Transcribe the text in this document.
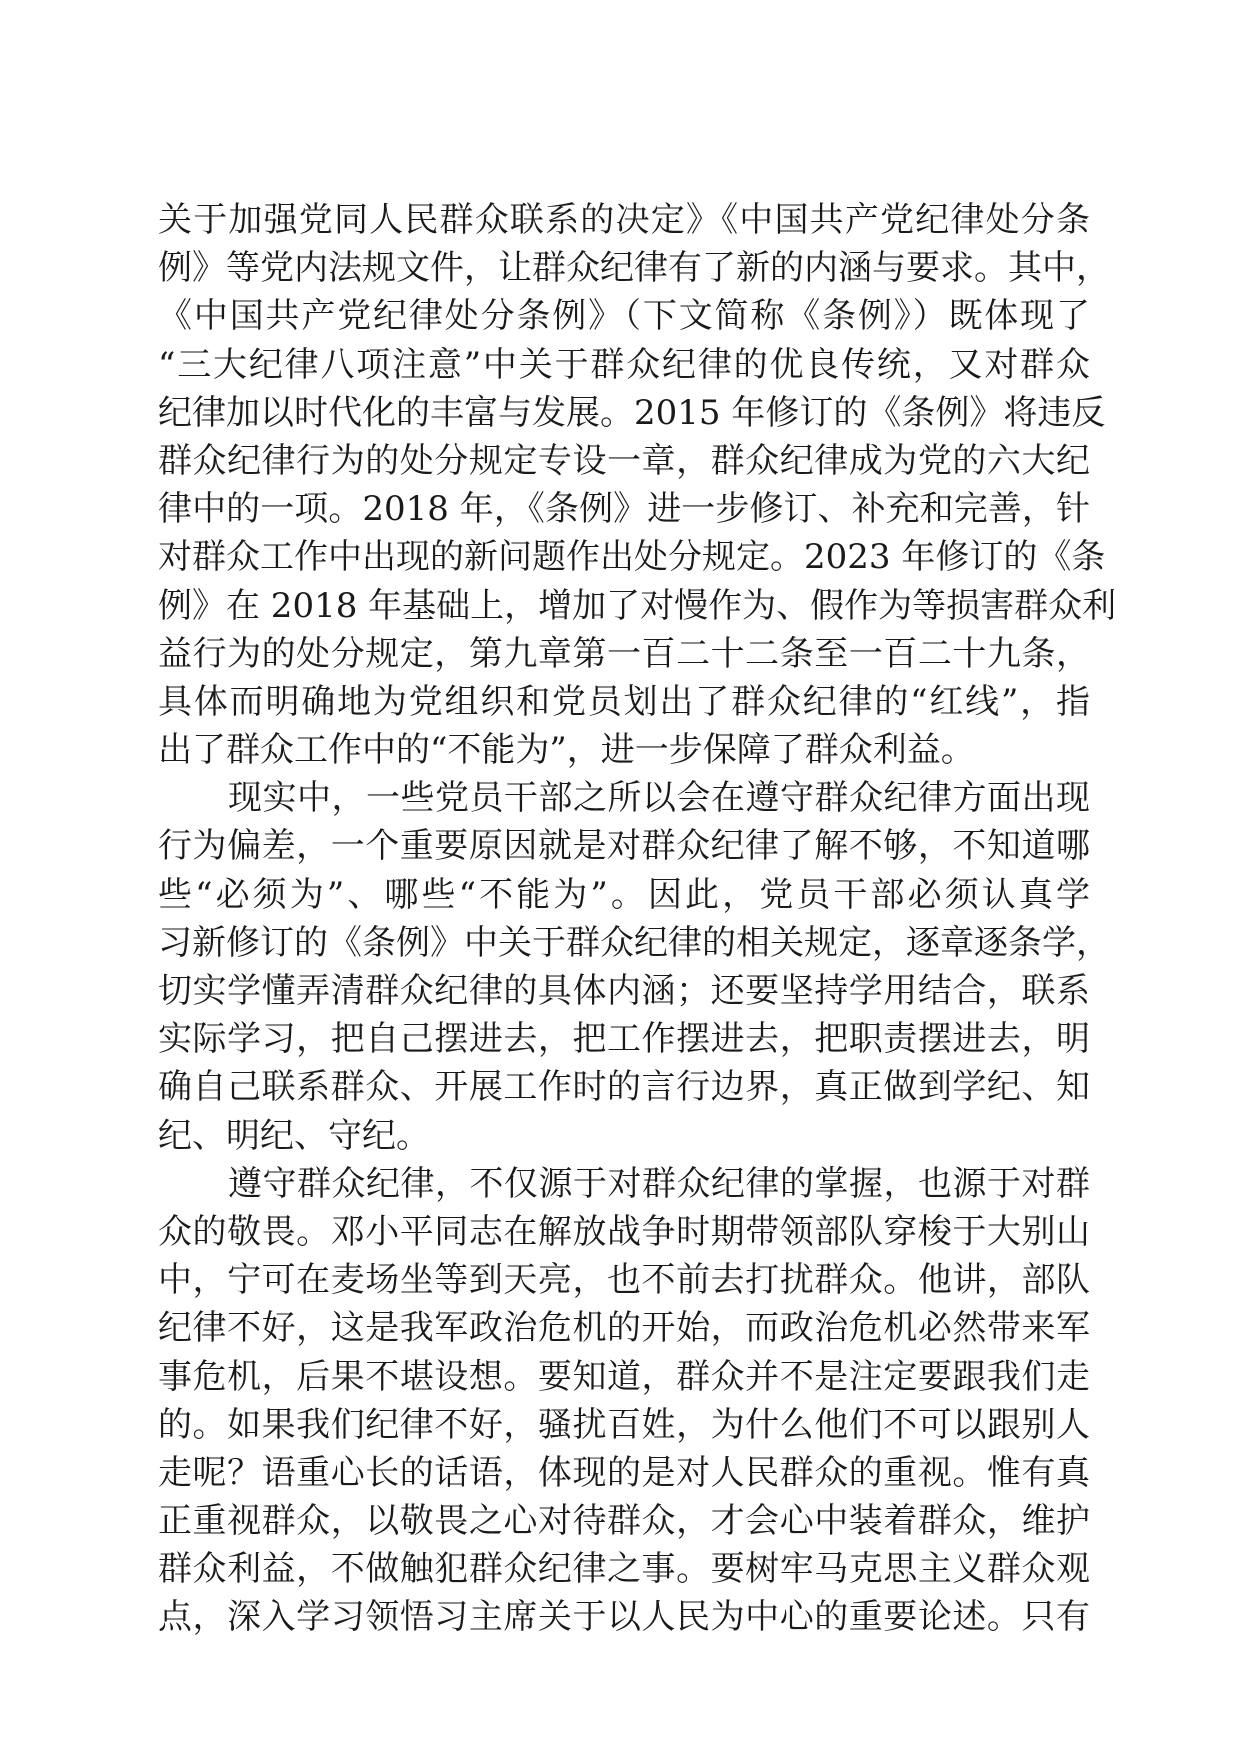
关于加强党同人民群众联系的决定》《中国共产党纪律处分条
例》等党内法规文件，让群众纪律有了新的内涵与要求。其中，
《中国共产党纪律处分条例》（下文简称《条例》）既体现了
“三大纪律八项注意”中关于群众纪律的优良传统，又对群众
纪律加以时代化的丰富与发展。2015 年修订的《条例》将违反
群众纪律行为的处分规定专设一章，群众纪律成为党的六大纪
律中的一项。2018 年，《条例》进一步修订、补充和完善，针
对群众工作中出现的新问题作出处分规定。2023 年修订的《条
例》在 2018 年基础上，增加了对慢作为、假作为等损害群众利
益行为的处分规定，第九章第一百二十二条至一百二十九条，
具体而明确地为党组织和党员划出了群众纪律的“红线”，指
出了群众工作中的“不能为”，进一步保障了群众利益。
现实中，一些党员干部之所以会在遵守群众纪律方面出现
行为偏差，一个重要原因就是对群众纪律了解不够，不知道哪
些“必须为”、哪些“不能为”。因此，党员干部必须认真学
习新修订的《条例》中关于群众纪律的相关规定，逐章逐条学，
切实学懂弄清群众纪律的具体内涵；还要坚持学用结合，联系
实际学习，把自己摆进去，把工作摆进去，把职责摆进去，明
确自己联系群众、开展工作时的言行边界，真正做到学纪、知
纪、明纪、守纪。
遵守群众纪律，不仅源于对群众纪律的掌握，也源于对群
众的敬畏。邓小平同志在解放战争时期带领部队穿梭于大别山
中，宁可在麦场坐等到天亮，也不前去打扰群众。他讲，部队
纪律不好，这是我军政治危机的开始，而政治危机必然带来军
事危机，后果不堪设想。要知道，群众并不是注定要跟我们走
的。如果我们纪律不好，骚扰百姓，为什么他们不可以跟别人
走呢？语重心长的话语，体现的是对人民群众的重视。惟有真
正重视群众，以敬畏之心对待群众，才会心中装着群众，维护
群众利益，不做触犯群众纪律之事。要树牢马克思主义群众观
点，深入学习领悟习主席关于以人民为中心的重要论述。只有
